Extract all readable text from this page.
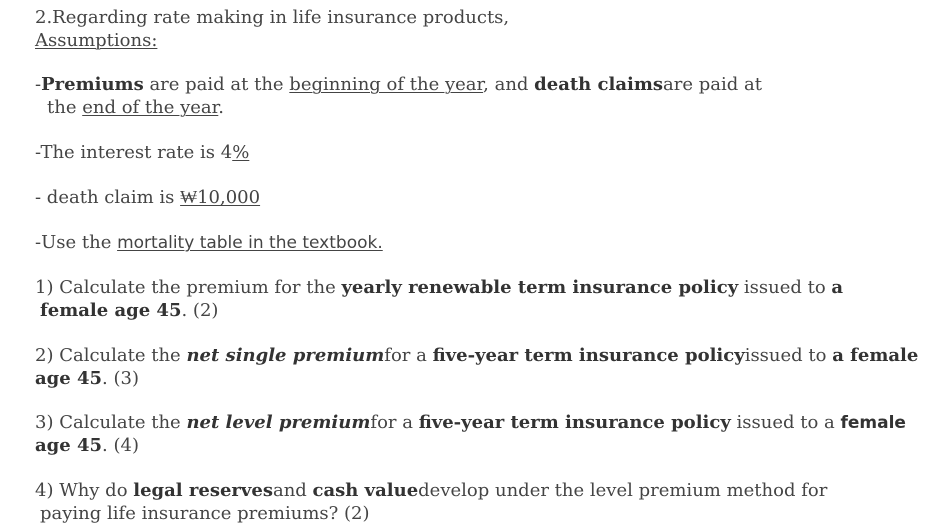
2.Regarding rate making in life insurance products,
Assumptions:
-Premiums are paid at the beginning of the year, and death claimsare paid at
the end of the year.
-The interest rate is 4%
- death claim is ₩10,000
-Use the mortality table in the textbook.
1) Calculate the premium for the yearly renewable term insurance policy issued to a
female age 45. (2)
2) Calculate the net single premiumfor a five-year term insurance policyissued to a female
age 45. (3)
3) Calculate the net level premiumfor a five-year term insurance policy issued to a female
age 45. (4)
4) Why do legal reservesand cash valuedevelop under the level premium method for
paying life insurance premiums? (2)
